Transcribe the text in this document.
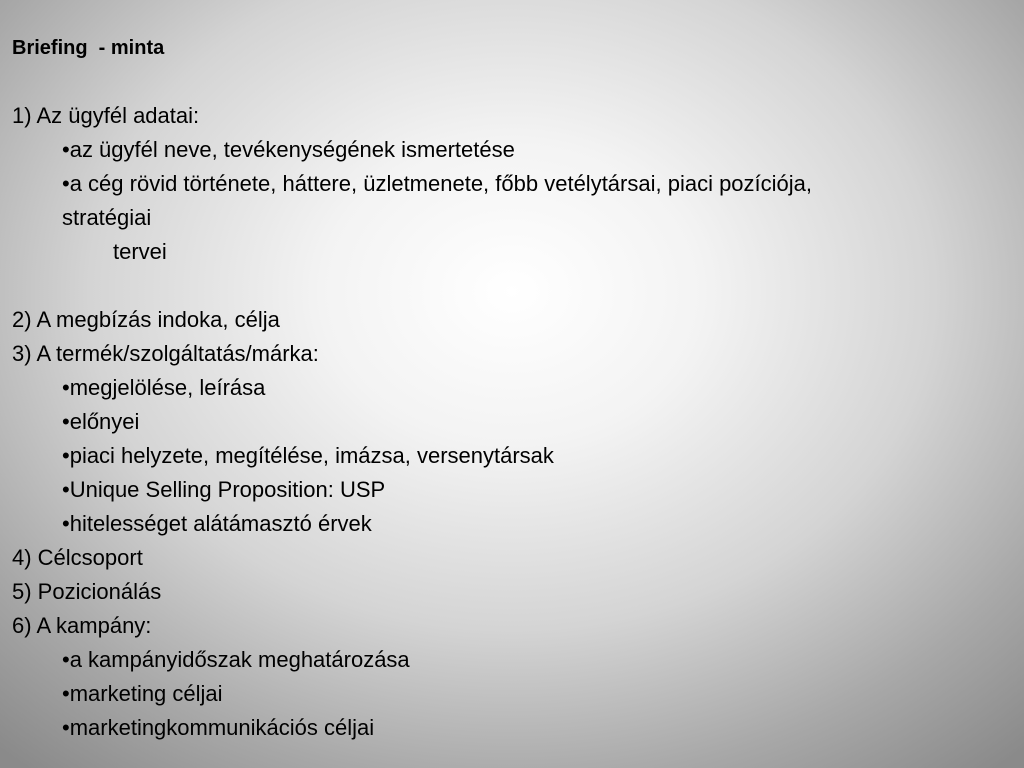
Briefing  - minta
1) Az ügyfél adatai:
•az ügyfél neve, tevékenységének ismertetése
•a cég rövid története, háttere, üzletmenete, főbb vetélytársai, piaci pozíciója,
stratégiai
tervei
2) A megbízás indoka, célja
3) A termék/szolgáltatás/márka:
•megjelölése, leírása
•előnyei
•piaci helyzete, megítélése, imázsa, versenytársak
•Unique Selling Proposition: USP
•hitelességet alátámasztó érvek
4) Célcsoport
5) Pozicionálás
6) A kampány:
•a kampányidőszak meghatározása
•marketing céljai
•marketingkommunikációs céljai
